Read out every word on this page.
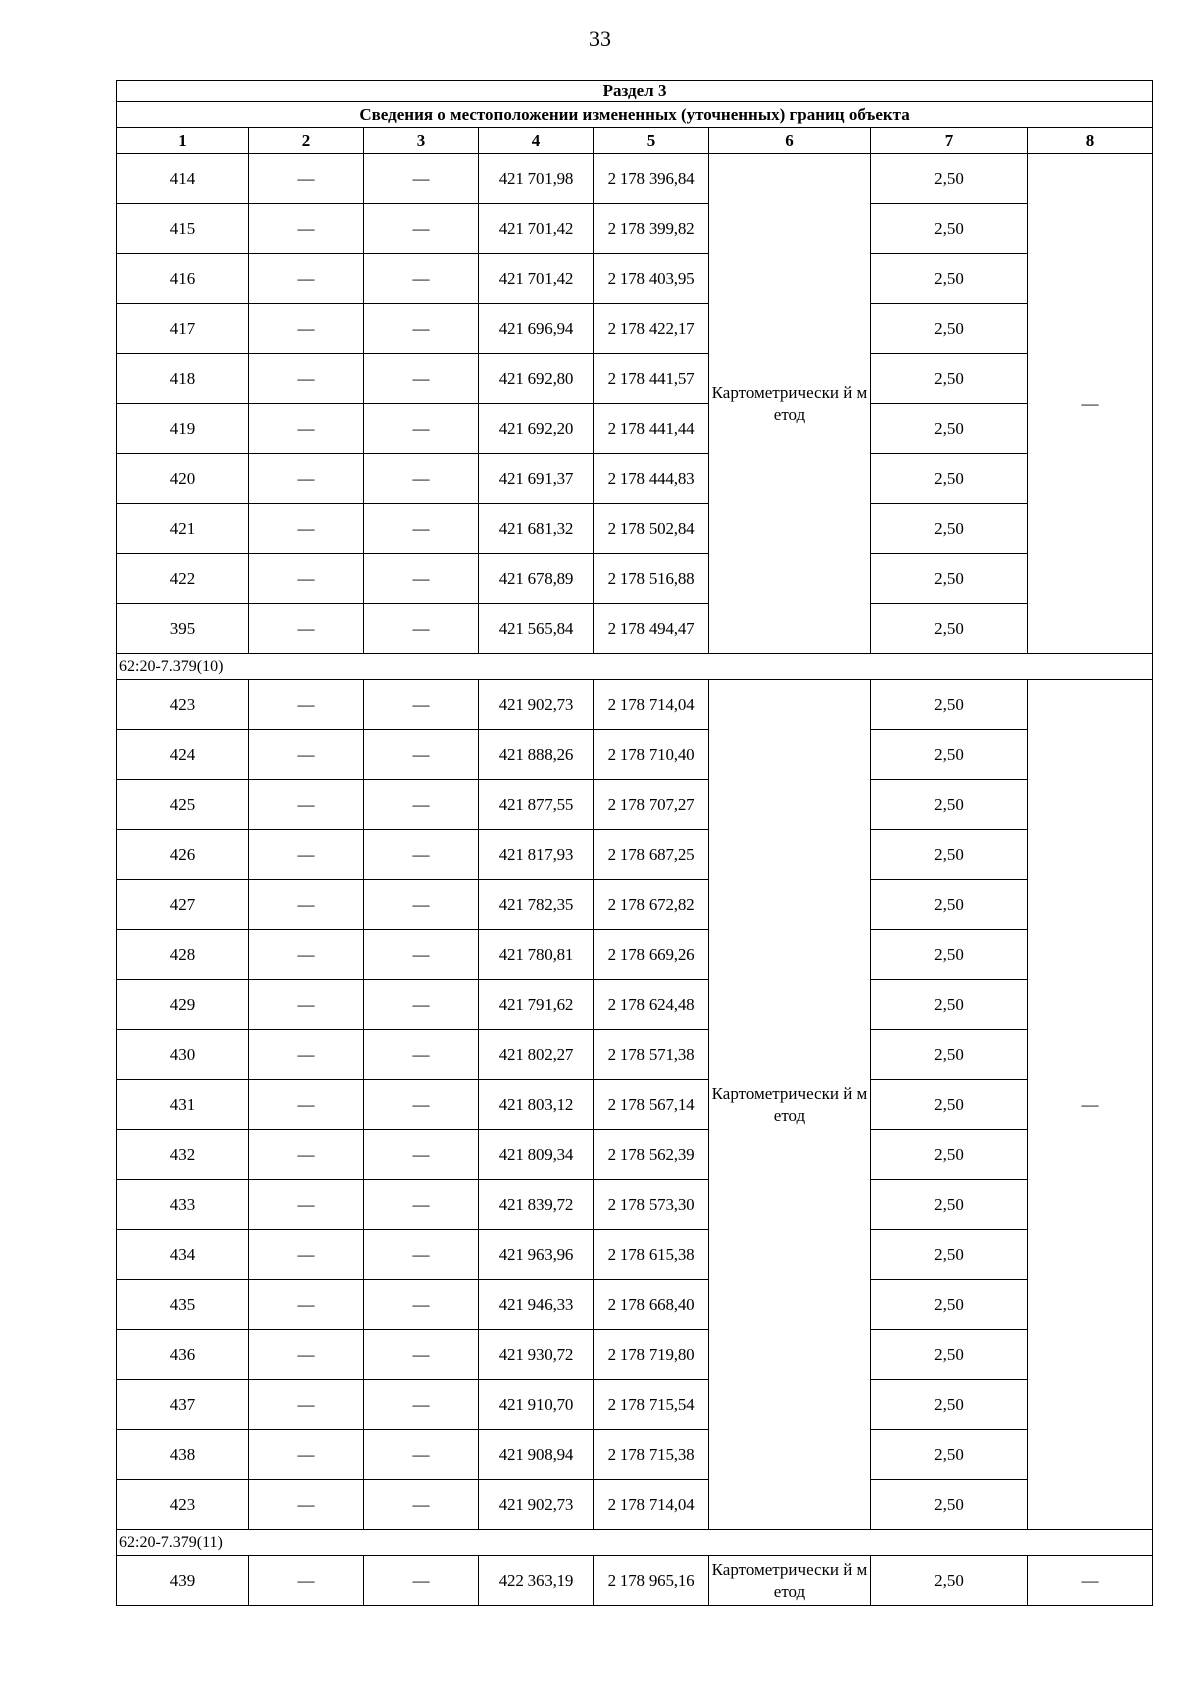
33
Раздел 3							
Сведения о местоположении измененных (уточненных) границ объекта							
1	2	3	4	5	6	7	8
414	—	—	421 701,98	2 178 396,84	Картометрически й метод	2,50	—
415	—	—	421 701,42	2 178 399,82		2,50	
416	—	—	421 701,42	2 178 403,95		2,50	
417	—	—	421 696,94	2 178 422,17		2,50	
418	—	—	421 692,80	2 178 441,57		2,50	
419	—	—	421 692,20	2 178 441,44		2,50	
420	—	—	421 691,37	2 178 444,83		2,50	
421	—	—	421 681,32	2 178 502,84		2,50	
422	—	—	421 678,89	2 178 516,88		2,50	
395	—	—	421 565,84	2 178 494,47		2,50	
62:20-7.379(10)							
423	—	—	421 902,73	2 178 714,04	Картометрически й метод	2,50	—
424	—	—	421 888,26	2 178 710,40		2,50	
425	—	—	421 877,55	2 178 707,27		2,50	
426	—	—	421 817,93	2 178 687,25		2,50	
427	—	—	421 782,35	2 178 672,82		2,50	
428	—	—	421 780,81	2 178 669,26		2,50	
429	—	—	421 791,62	2 178 624,48		2,50	
430	—	—	421 802,27	2 178 571,38		2,50	
431	—	—	421 803,12	2 178 567,14		2,50	
432	—	—	421 809,34	2 178 562,39		2,50	
433	—	—	421 839,72	2 178 573,30		2,50	
434	—	—	421 963,96	2 178 615,38		2,50	
435	—	—	421 946,33	2 178 668,40		2,50	
436	—	—	421 930,72	2 178 719,80		2,50	
437	—	—	421 910,70	2 178 715,54		2,50	
438	—	—	421 908,94	2 178 715,38		2,50	
423	—	—	421 902,73	2 178 714,04		2,50	
62:20-7.379(11)							
439	—	—	422 363,19	2 178 965,16	Картометрически й метод	2,50	—
